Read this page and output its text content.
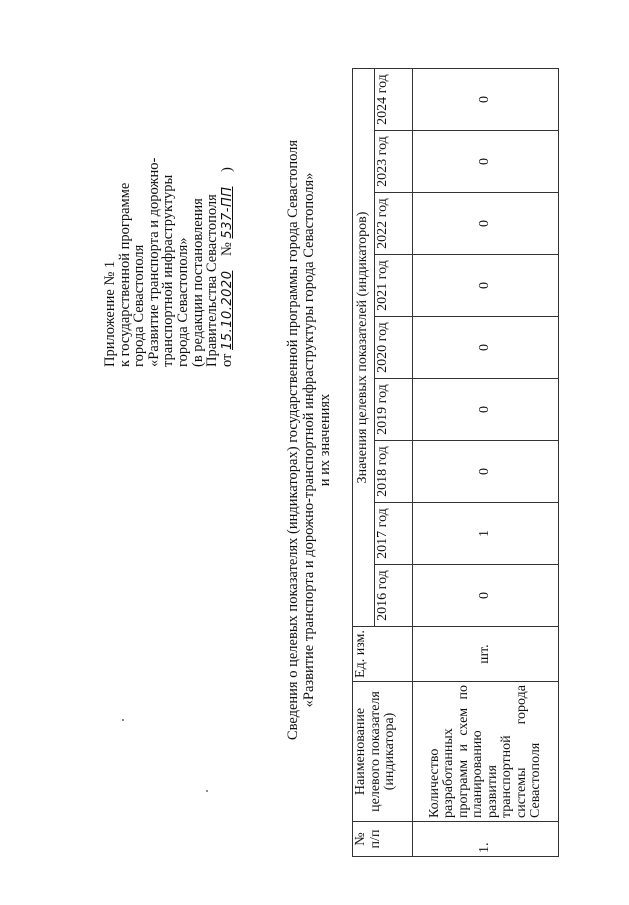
Приложение № 1
к государственной программе
города Севастополя
«Развитие транспорта и дорожно-
транспортной инфраструктуры
города Севастополя»
(в редакции постановления
Правительства Севастополя
от 15.10.2020    № 537-ПП    )	Сведения о целевых показателях (индикаторах) государственной программы города Севастополя «Развитие транспорта и дорожно-транспортной инфраструктуры города Севастополя» и их значениях
№ п/п	Наименование целевого показателя (индикатора)	Ед. изм.	Значения целевых показателей (индикаторов)								
			2016 год	2017 год	2018 год	2019 год	2020 год	2021 год	2022 год	2023 год	2024 год
1.	Количество разработанных программ и схем по планированию развития транспортной системы города Севастополя	шт.	0	1	0	0	0	0	0	0	0
